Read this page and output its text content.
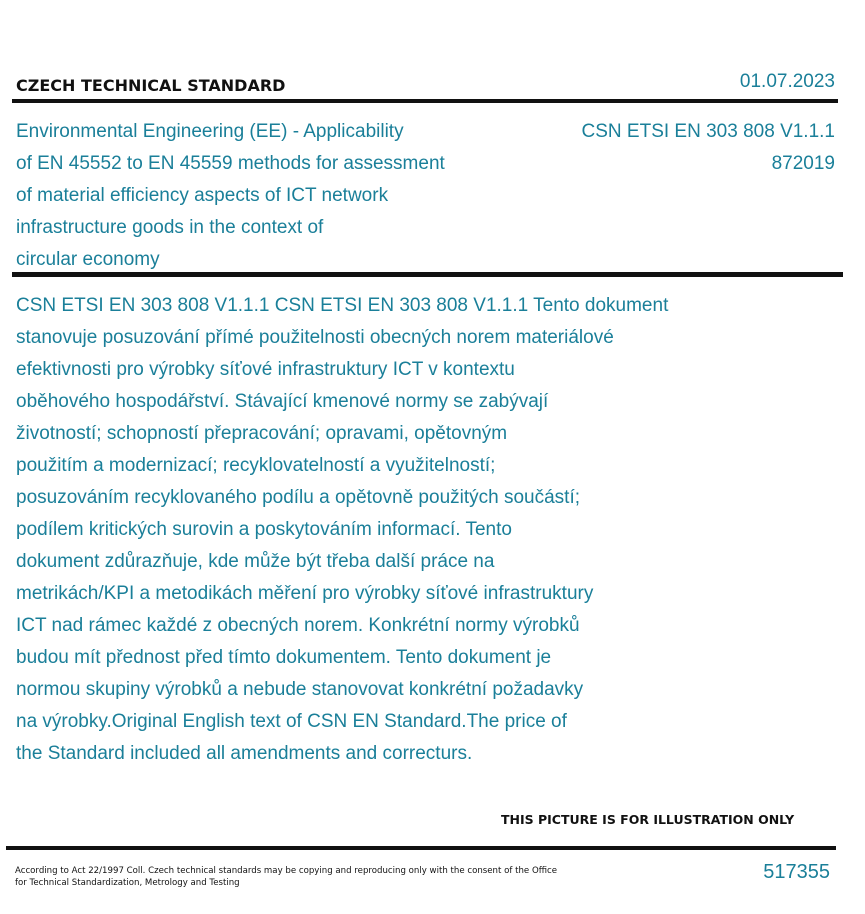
CZECH TECHNICAL STANDARD	01.07.2023
Environmental Engineering (EE) - Applicability
of EN 45552 to EN 45559 methods for assessment
of material efficiency aspects of ICT network
infrastructure goods in the context of
circular economy
CSN ETSI EN 303 808 V1.1.1
872019

CSN ETSI EN 303 808 V1.1.1 CSN ETSI EN 303 808 V1.1.1 Tento dokument

stanovuje posuzování přímé použitelnosti obecných norem materiálové

efektivnosti pro výrobky síťové infrastruktury ICT v kontextu

oběhového hospodářství. Stávající kmenové normy se zabývají

životností; schopností přepracování; opravami, opětovným

použitím a modernizací; recyklovatelností a využitelností;

posuzováním recyklovaného podílu a opětovně použitých součástí;

podílem kritických surovin a poskytováním informací. Tento

dokument zdůrazňuje, kde může být třeba další práce na

metrikách/KPI a metodikách měření pro výrobky síťové infrastruktury

ICT nad rámec každé z obecných norem. Konkrétní normy výrobků

budou mít přednost před tímto dokumentem. Tento dokument je

normou skupiny výrobků a nebude stanovovat konkrétní požadavky

na výrobky.Original English text of CSN EN Standard.The price of

the Standard included all amendments and correcturs.

THIS PICTURE IS FOR ILLUSTRATION ONLY
According to Act 22/1997 Coll. Czech technical standards may be copying and reproducing only with the consent of the Office
for Technical Standardization, Metrology and Testing	517355
